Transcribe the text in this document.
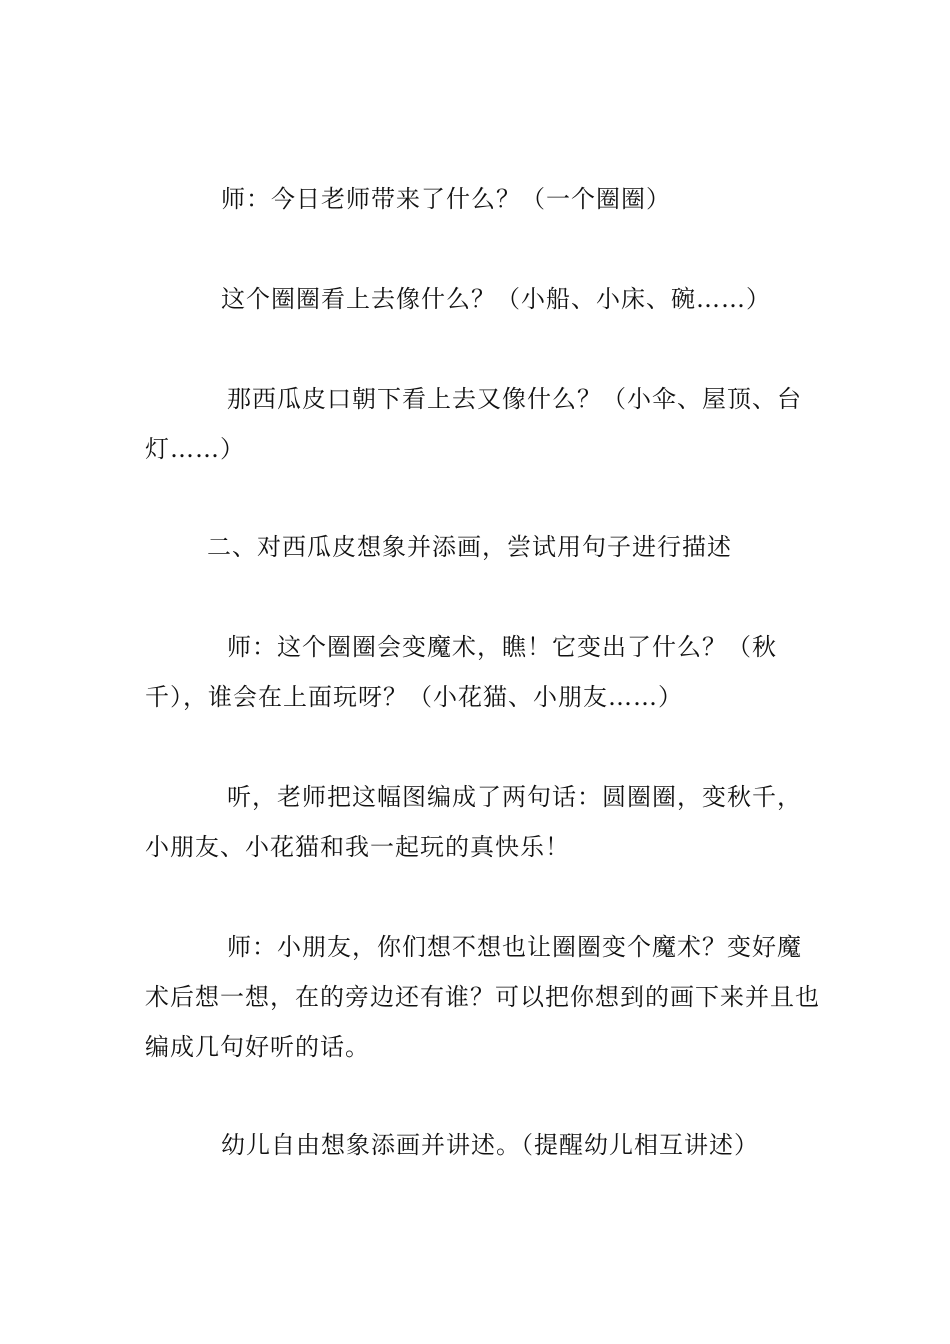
师：今日老师带来了什么？（一个圈圈）

这个圈圈看上去像什么？（小船、小床、碗……）

那西瓜皮口朝下看上去又像什么？（小伞、屋顶、台灯……）

二、对西瓜皮想象并添画，尝试用句子进行描述

师：这个圈圈会变魔术，瞧！它变出了什么？（秋千），谁会在上面玩呀？（小花猫、小朋友……）

听，老师把这幅图编成了两句话：圆圈圈，变秋千，小朋友、小花猫和我一起玩的真快乐！

师：小朋友，你们想不想也让圈圈变个魔术？变好魔术后想一想，在的旁边还有谁？可以把你想到的画下来并且也编成几句好听的话。

幼儿自由想象添画并讲述。（提醒幼儿相互讲述）
